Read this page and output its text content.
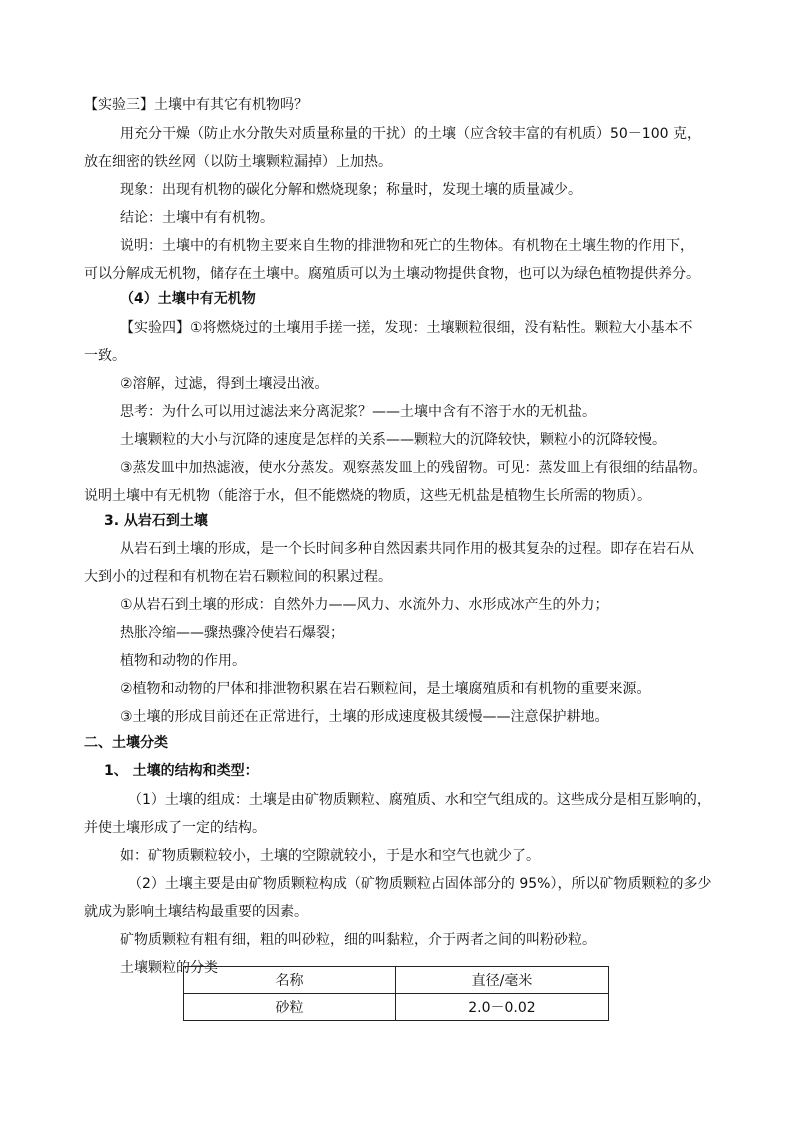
【实验三】土壤中有其它有机物吗？
用充分干燥（防止水分散失对质量称量的干扰）的土壤（应含较丰富的有机质）50－100 克，
放在细密的铁丝网（以防土壤颗粒漏掉）上加热。
现象：出现有机物的碳化分解和燃烧现象；称量时，发现土壤的质量减少。
结论：土壤中有有机物。
说明：土壤中的有机物主要来自生物的排泄物和死亡的生物体。有机物在土壤生物的作用下，
可以分解成无机物，储存在土壤中。腐殖质可以为土壤动物提供食物，也可以为绿色植物提供养分。
（4）土壤中有无机物
【实验四】①将燃烧过的土壤用手搓一搓，发现：土壤颗粒很细，没有粘性。颗粒大小基本不
一致。
②溶解，过滤，得到土壤浸出液。
思考：为什么可以用过滤法来分离泥浆？——土壤中含有不溶于水的无机盐。
土壤颗粒的大小与沉降的速度是怎样的关系——颗粒大的沉降较快，颗粒小的沉降较慢。
③蒸发皿中加热滤液，使水分蒸发。观察蒸发皿上的残留物。可见：蒸发皿上有很细的结晶物。
说明土壤中有无机物（能溶于水，但不能燃烧的物质，这些无机盐是植物生长所需的物质）。
3. 从岩石到土壤
从岩石到土壤的形成，是一个长时间多种自然因素共同作用的极其复杂的过程。即存在岩石从
大到小的过程和有机物在岩石颗粒间的积累过程。
①从岩石到土壤的形成：自然外力——风力、水流外力、水形成冰产生的外力；
热胀冷缩——骤热骤冷使岩石爆裂；
植物和动物的作用。
②植物和动物的尸体和排泄物积累在岩石颗粒间，是土壤腐殖质和有机物的重要来源。
③土壤的形成目前还在正常进行，土壤的形成速度极其缓慢——注意保护耕地。
二、土壤分类
1、 土壤的结构和类型：
（1）土壤的组成：土壤是由矿物质颗粒、腐殖质、水和空气组成的。这些成分是相互影响的，
并使土壤形成了一定的结构。
如：矿物质颗粒较小，土壤的空隙就较小，于是水和空气也就少了。
（2）土壤主要是由矿物质颗粒构成（矿物质颗粒占固体部分的 95%），所以矿物质颗粒的多少
就成为影响土壤结构最重要的因素。
矿物质颗粒有粗有细，粗的叫砂粒，细的叫黏粒，介于两者之间的叫粉砂粒。
土壤颗粒的分类
名称	直径/毫米
砂粒	2.0－0.02
